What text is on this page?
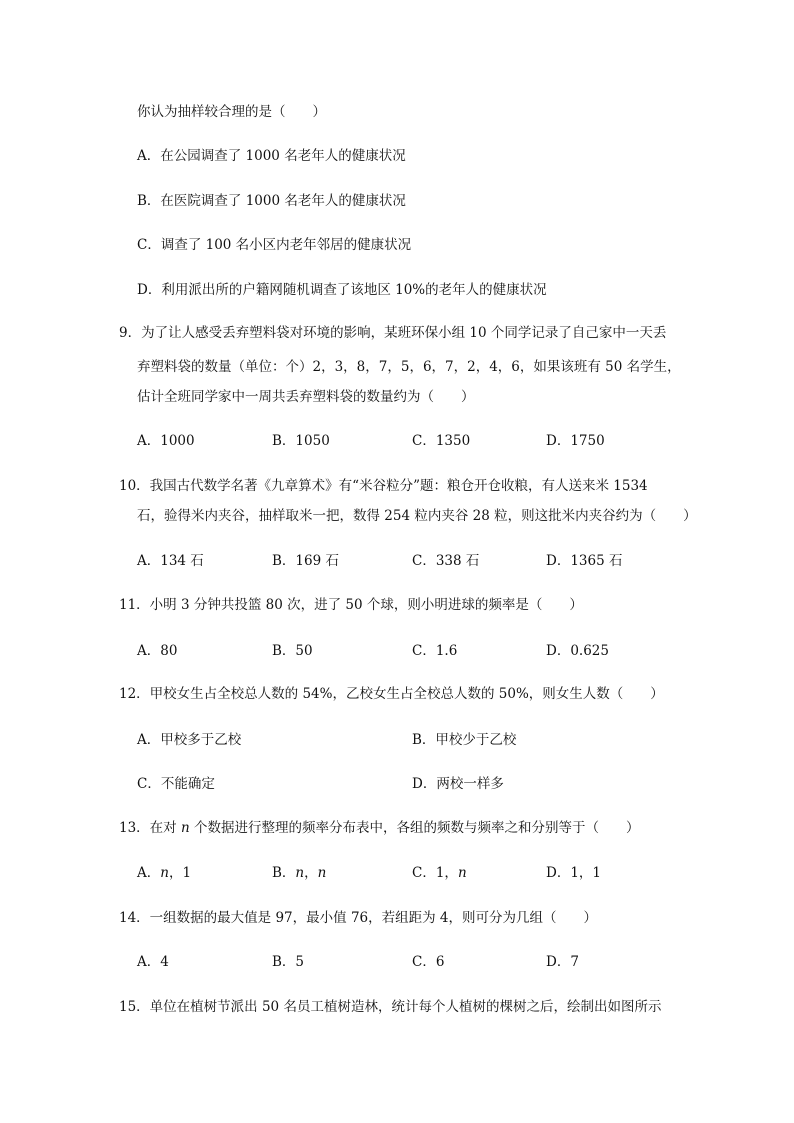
你认为抽样较合理的是（　　）
A．在公园调查了 1000 名老年人的健康状况
B．在医院调查了 1000 名老年人的健康状况
C．调查了 100 名小区内老年邻居的健康状况
D．利用派出所的户籍网随机调查了该地区 10%的老年人的健康状况
9．为了让人感受丢弃塑料袋对环境的影响，某班环保小组 10 个同学记录了自己家中一天丢
弃塑料袋的数量（单位：个）2，3，8，7，5，6，7，2，4，6，如果该班有 50 名学生，
估计全班同学家中一周共丢弃塑料袋的数量约为（　　）
A．1000	B．1050	C．1350	D．1750
10．我国古代数学名著《九章算术》有“米谷粒分”题：粮仓开仓收粮，有人送来米 1534
石，验得米内夹谷，抽样取米一把，数得 254 粒内夹谷 28 粒，则这批米内夹谷约为（　　）
A．134 石	B．169 石	C．338 石	D．1365 石
11．小明 3 分钟共投篮 80 次，进了 50 个球，则小明进球的频率是（　　）
A．80	B．50	C．1.6	D．0.625
12．甲校女生占全校总人数的 54%，乙校女生占全校总人数的 50%，则女生人数（　　）
A．甲校多于乙校	B．甲校少于乙校
C．不能确定	D．两校一样多
13．在对 n 个数据进行整理的频率分布表中，各组的频数与频率之和分别等于（　　）
A．n，1	B．n，n	C．1，n	D．1，1
14．一组数据的最大值是 97，最小值 76，若组距为 4，则可分为几组（　　）
A．4	B．5	C．6	D．7
15．单位在植树节派出 50 名员工植树造林，统计每个人植树的棵树之后，绘制出如图所示
